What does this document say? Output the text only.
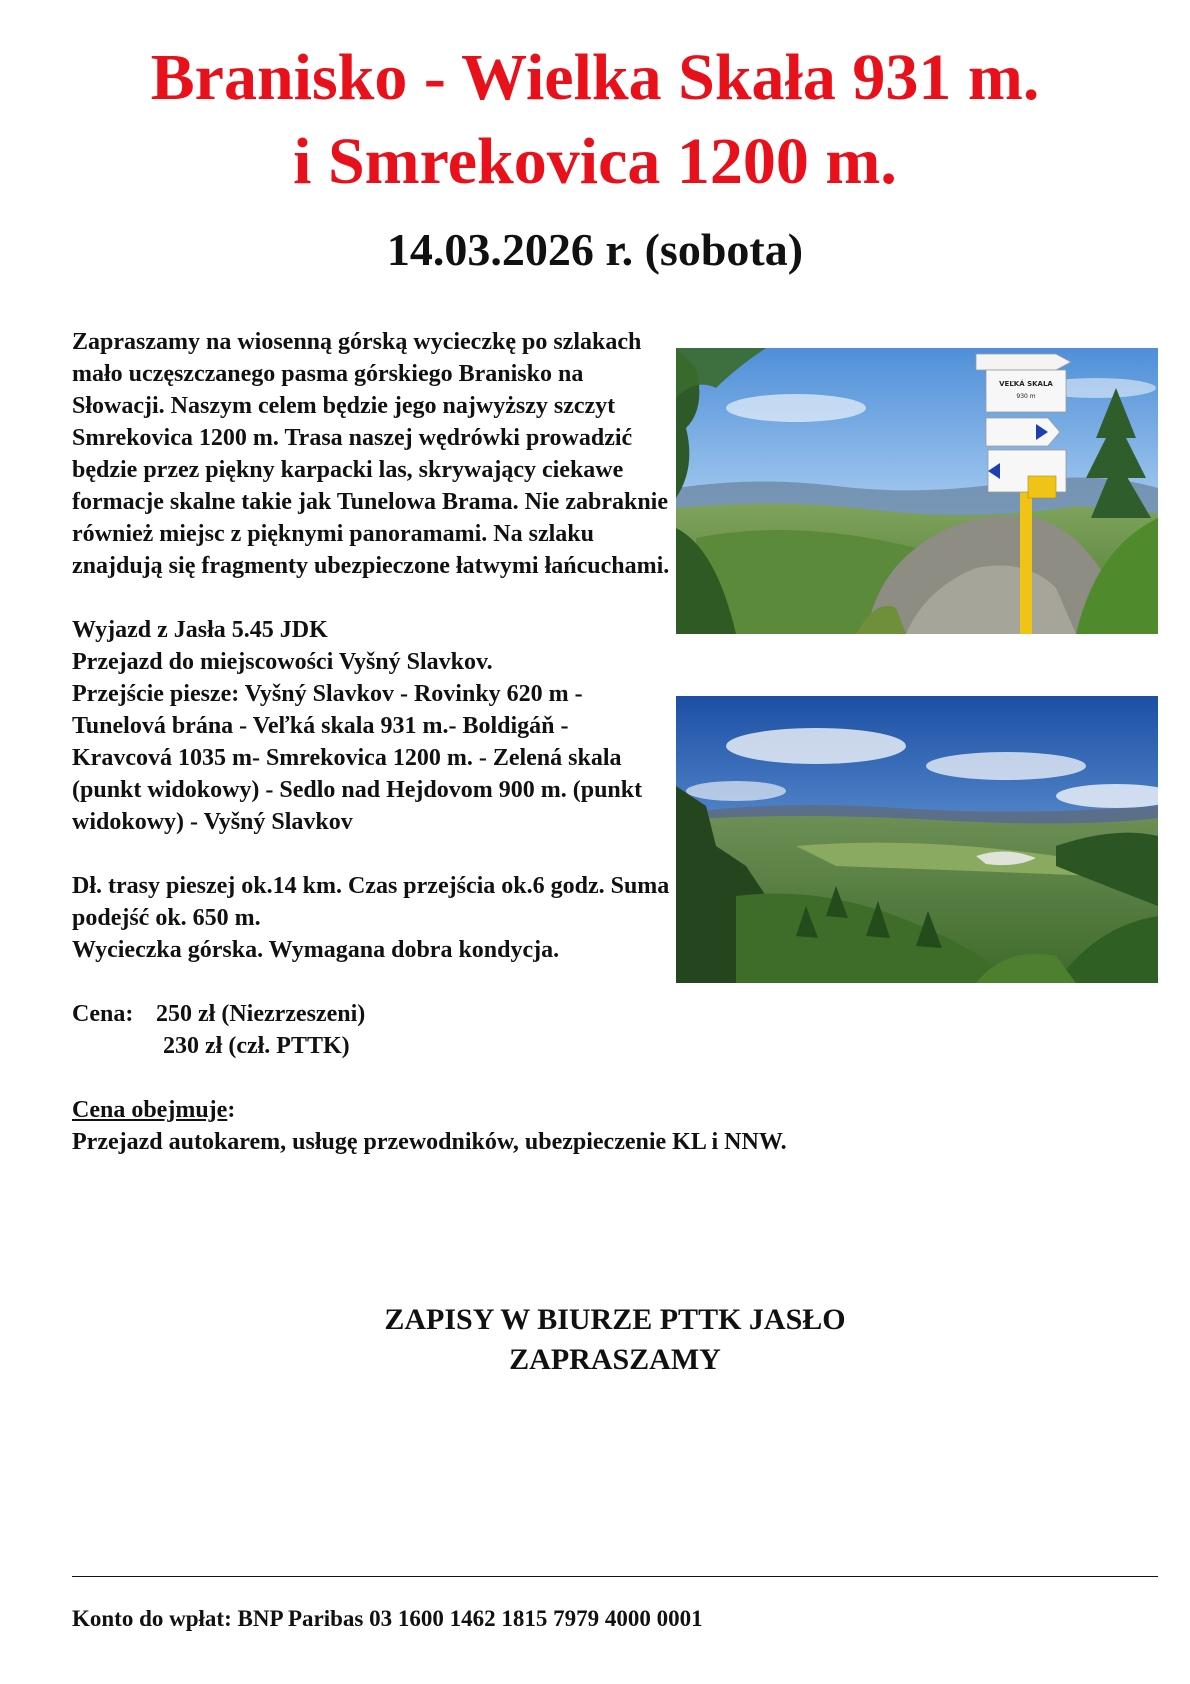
Branisko - Wielka Skała 931 m.
i Smrekovica 1200 m.
14.03.2026 r. (sobota)

Zapraszamy na wiosenną górską wycieczkę po szlakach mało uczęszczanego pasma górskiego Branisko na Słowacji. Naszym celem będzie jego najwyższy szczyt Smrekovica 1200 m. Trasa naszej wędrówki prowadzić będzie przez piękny karpacki las, skrywający ciekawe formacje skalne takie jak Tunelowa Brama. Nie zabraknie również miejsc z pięknymi panoramami. Na szlaku znajdują się fragmenty ubezpieczone łatwymi łańcuchami.

Wyjazd z Jasła 5.45 JDK

Przejazd do miejscowości Vyšný Slavkov.

Przejście piesze: Vyšný Slavkov - Rovinky 620 m - Tunelová brána - Veľká skala 931 m.- Boldigáň - Kravcová 1035 m- Smrekovica 1200 m. - Zelená skala (punkt widokowy) - Sedlo nad Hejdovom 900 m. (punkt widokowy) - Vyšný Slavkov

Dł. trasy pieszej ok.14 km. Czas przejścia ok.6 godz. Suma podejść ok. 650 m.

Wycieczka górska. Wymagana dobra kondycja.

Cena: 250 zł (Niezrzeszeni)
230 zł (czł. PTTK)

Cena obejmuje:

Przejazd autokarem, usługę przewodników, ubezpieczenie KL i NNW.

VEĽKÁ SKALA
930 m
ZAPISY W BIURZE PTTK JASŁO
ZAPRASZAMY
Konto do wpłat: BNP Paribas 03 1600 1462 1815 7979 4000 0001
